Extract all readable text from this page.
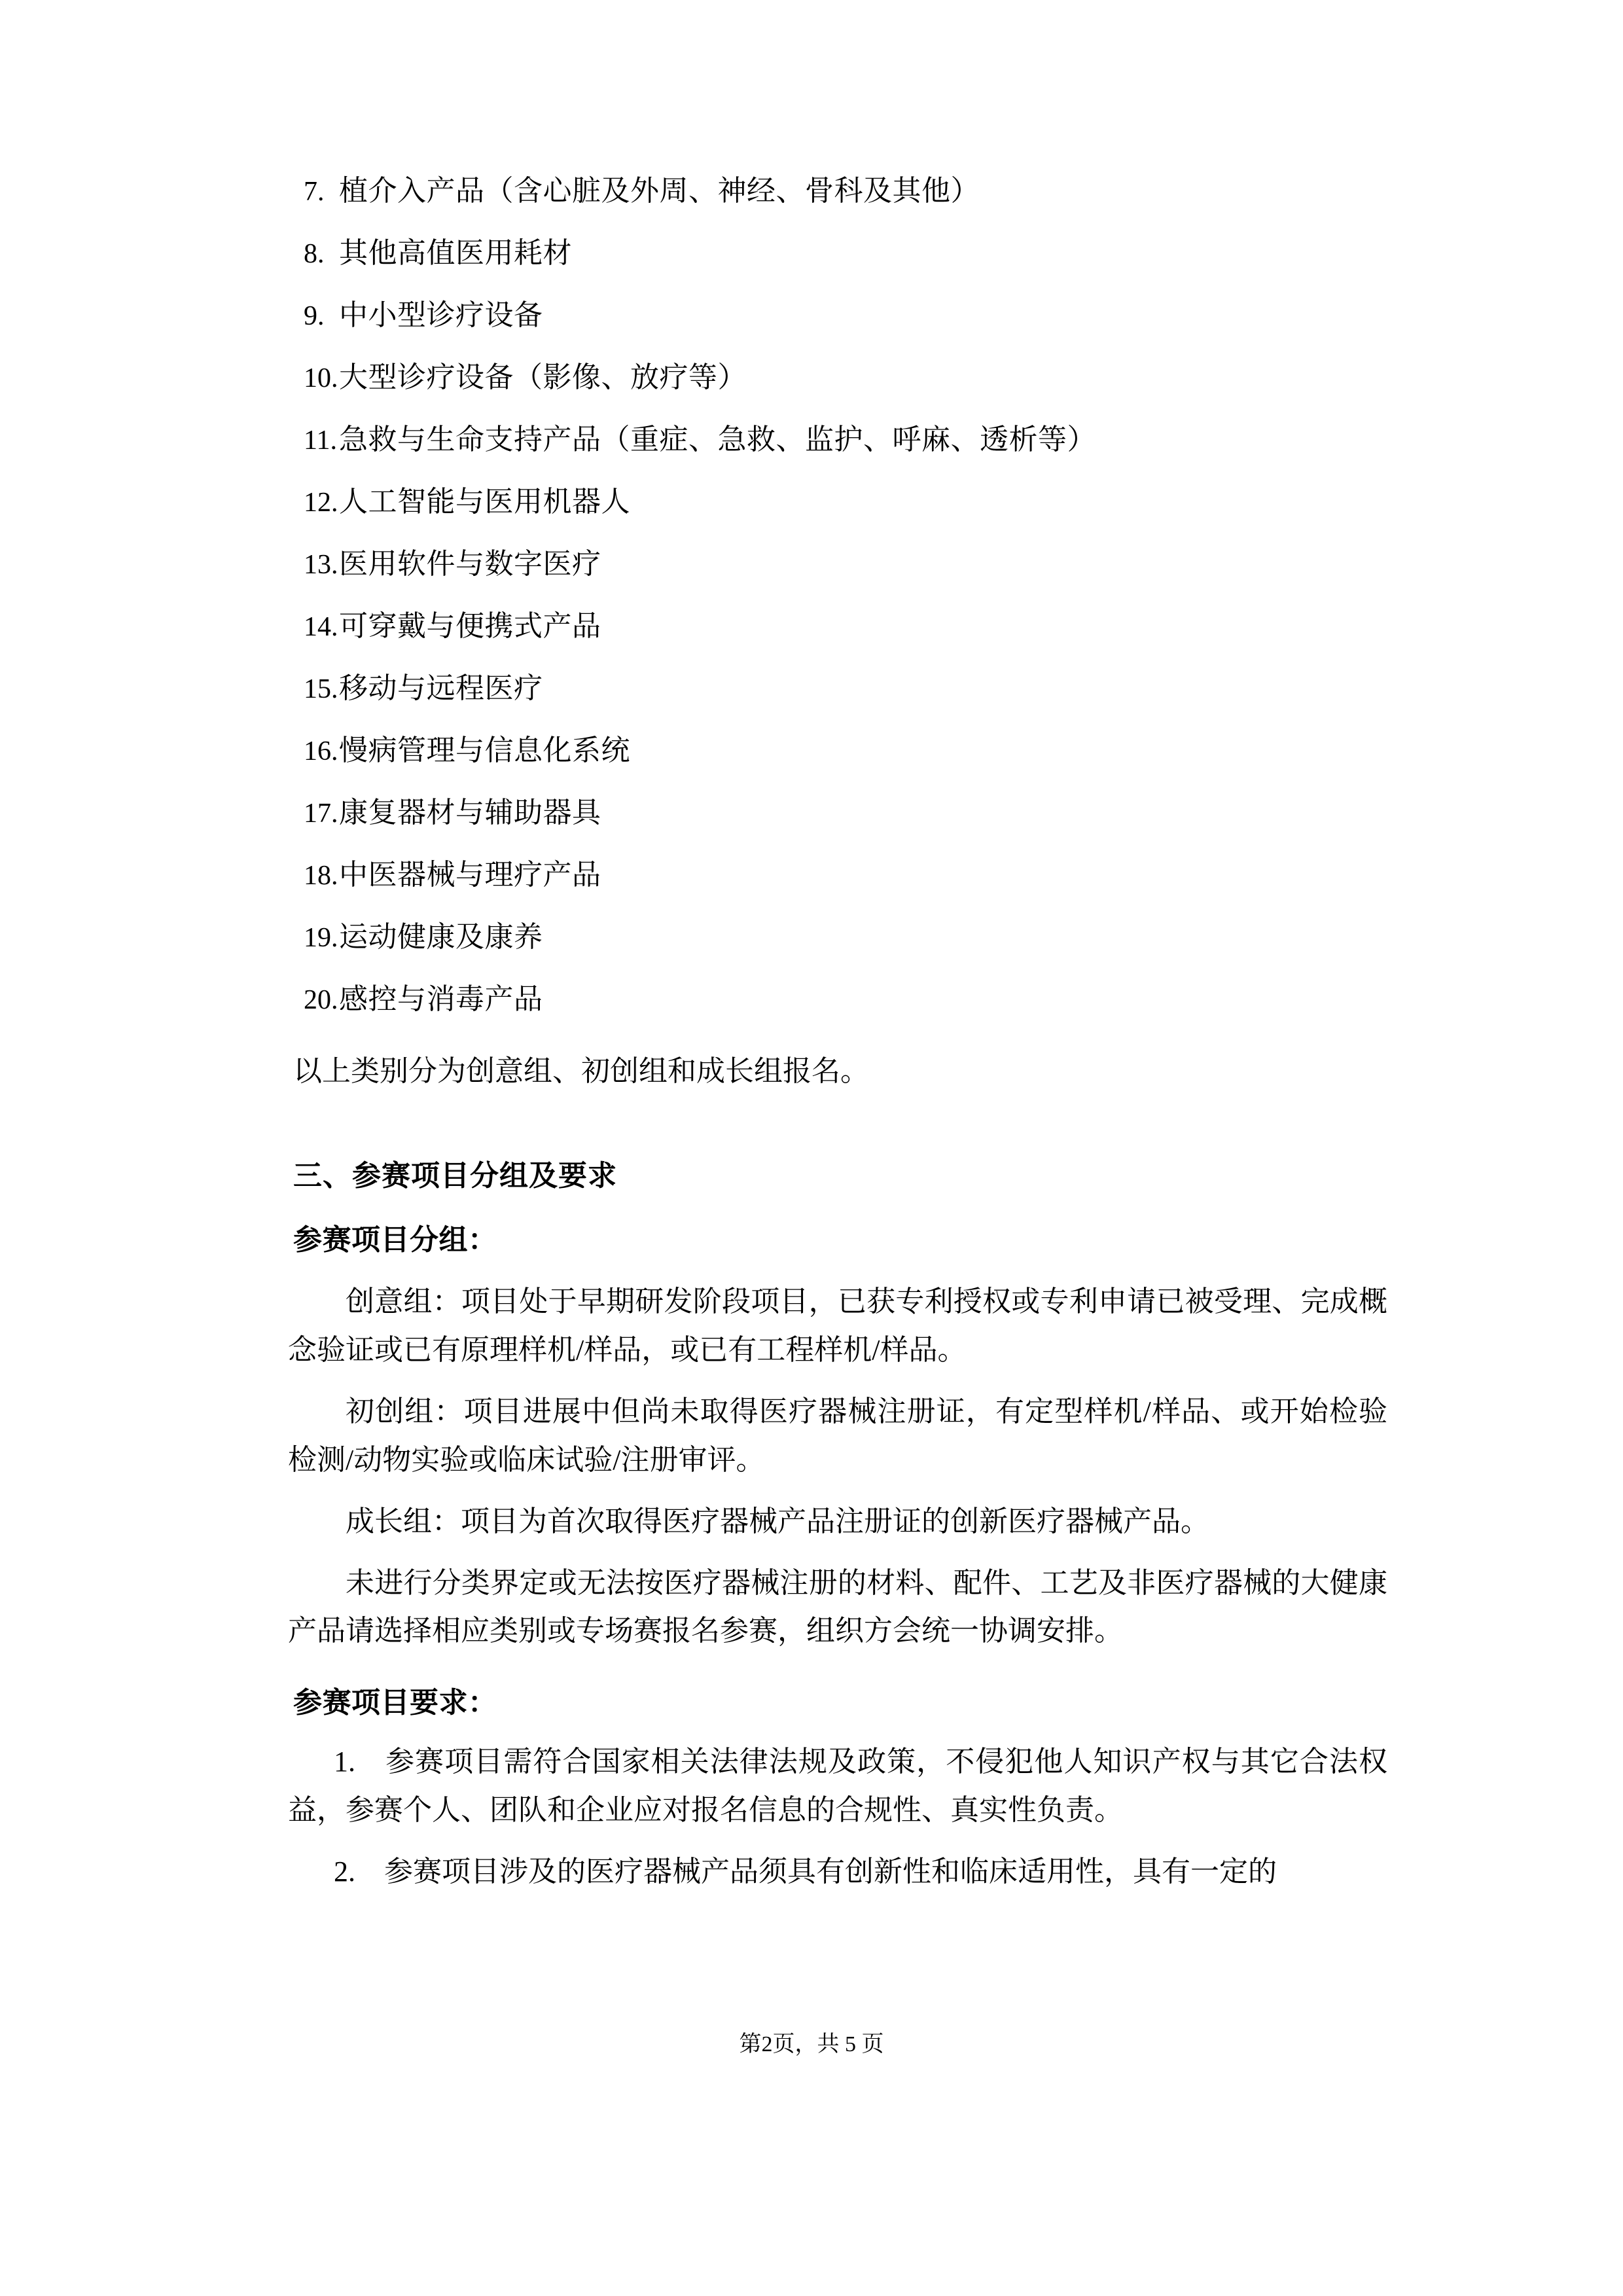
7. 植介入产品（含心脏及外周、神经、骨科及其他）
8. 其他高值医用耗材
9. 中小型诊疗设备
10. 大型诊疗设备（影像、放疗等）
11. 急救与生命支持产品（重症、急救、监护、呼麻、透析等）
12. 人工智能与医用机器人
13. 医用软件与数字医疗
14. 可穿戴与便携式产品
15. 移动与远程医疗
16. 慢病管理与信息化系统
17. 康复器材与辅助器具
18. 中医器械与理疗产品
19. 运动健康及康养
20. 感控与消毒产品

以上类别分为创意组、初创组和成长组报名。

三、参赛项目分组及要求
参赛项目分组：

创意组：项目处于早期研发阶段项目，已获专利授权或专利申请已被受理、完成概念验证或已有原理样机/样品，或已有工程样机/样品。

初创组：项目进展中但尚未取得医疗器械注册证，有定型样机/样品、或开始检验检测/动物实验或临床试验/注册审评。

成长组：项目为首次取得医疗器械产品注册证的创新医疗器械产品。

未进行分类界定或无法按医疗器械注册的材料、配件、工艺及非医疗器械的大健康产品请选择相应类别或专场赛报名参赛，组织方会统一协调安排。

参赛项目要求：

1.　参赛项目需符合国家相关法律法规及政策，不侵犯他人知识产权与其它合法权益，参赛个人、团队和企业应对报名信息的合规性、真实性负责。

2.　参赛项目涉及的医疗器械产品须具有创新性和临床适用性，具有一定的

第2页，共 5 页
